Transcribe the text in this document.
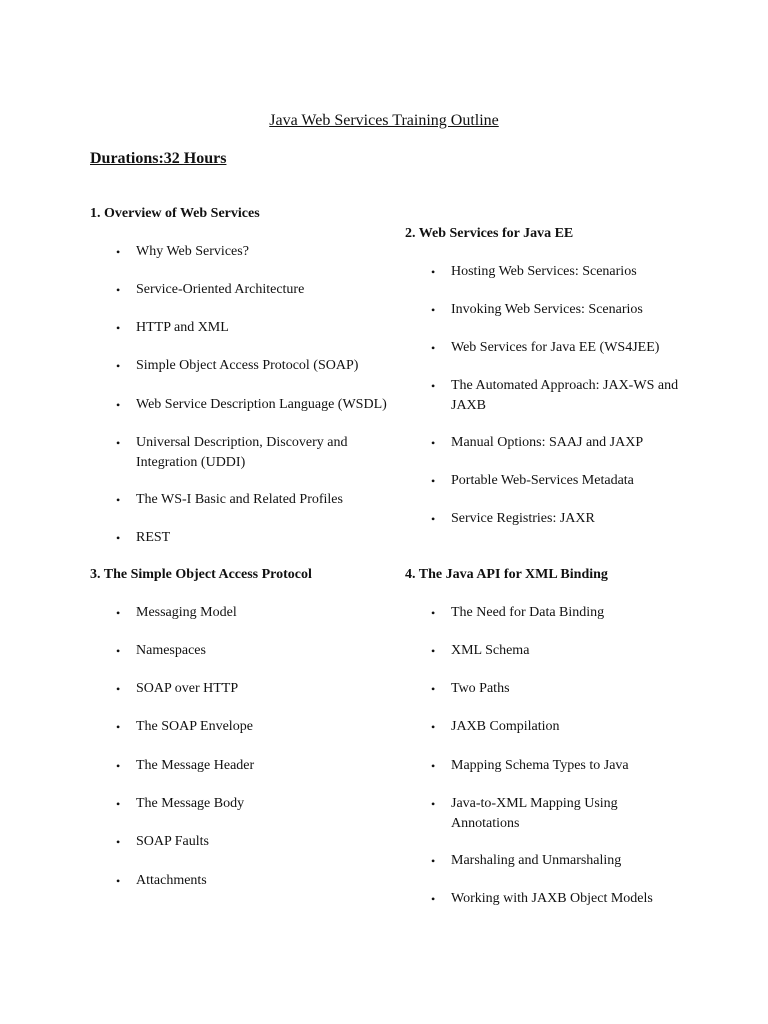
Java Web Services Training Outline
Durations:32 Hours
1. Overview of Web Services
• Why Web Services?
• Service-Oriented Architecture
• HTTP and XML
• Simple Object Access Protocol (SOAP)
• Web Service Description Language (WSDL)
• Universal Description, Discovery and Integration (UDDI)
• The WS-I Basic and Related Profiles
• REST
2. Web Services for Java EE
• Hosting Web Services: Scenarios
• Invoking Web Services: Scenarios
• Web Services for Java EE (WS4JEE)
• The Automated Approach: JAX-WS and JAXB
• Manual Options: SAAJ and JAXP
• Portable Web-Services Metadata
• Service Registries: JAXR
3. The Simple Object Access Protocol
• Messaging Model
• Namespaces
• SOAP over HTTP
• The SOAP Envelope
• The Message Header
• The Message Body
• SOAP Faults
• Attachments
4. The Java API for XML Binding
• The Need for Data Binding
• XML Schema
• Two Paths
• JAXB Compilation
• Mapping Schema Types to Java
• Java-to-XML Mapping Using Annotations
• Marshaling and Unmarshaling
• Working with JAXB Object Models
